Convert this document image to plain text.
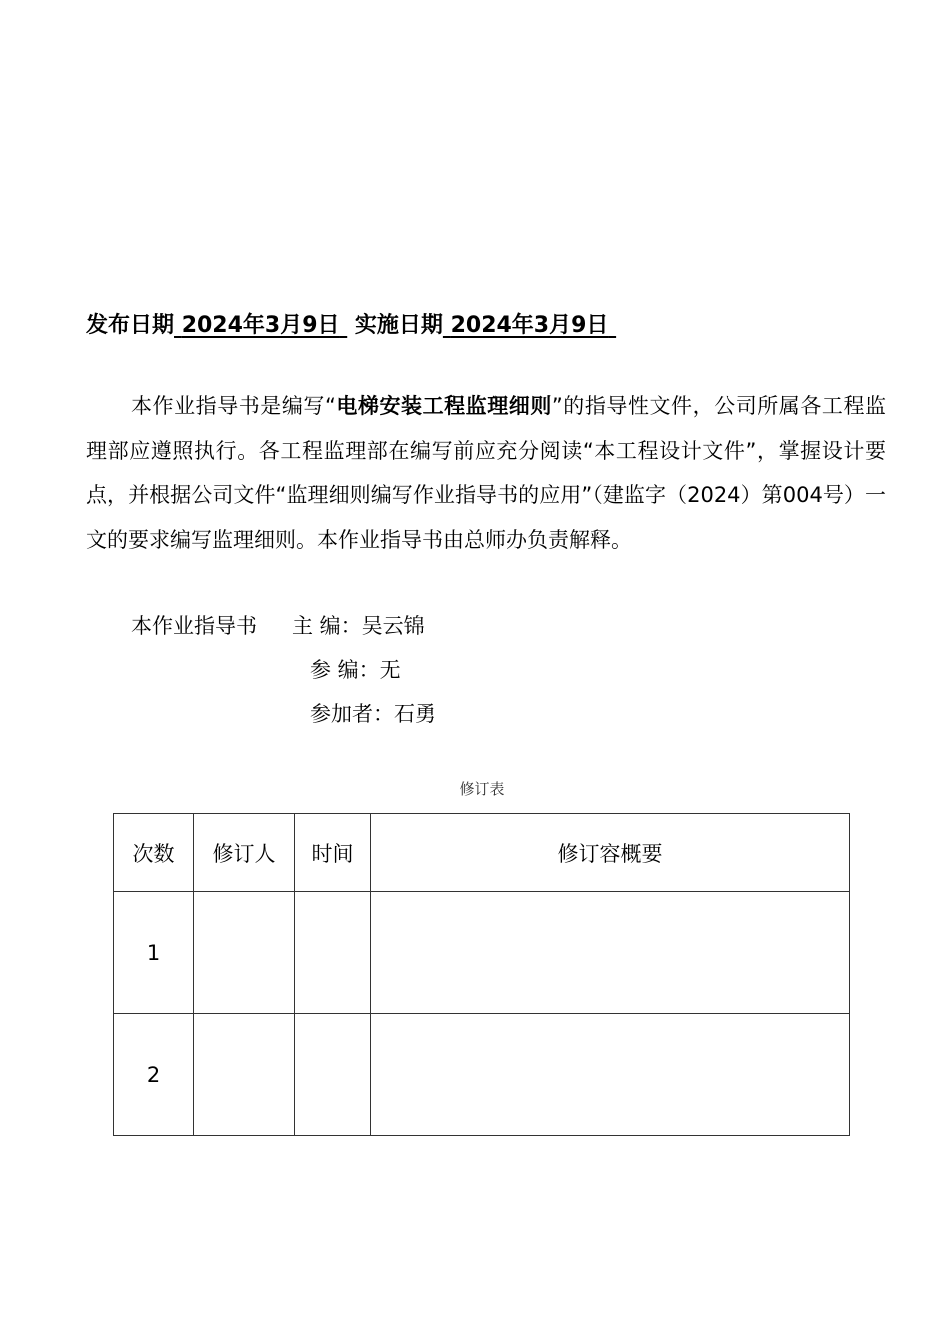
发布日期 2024年3月9日 实施日期 2024年3月9日
本作业指导书是编写“电梯安装工程监理细则”的指导性文件，公司所属各工程监理部应遵照执行。各工程监理部在编写前应充分阅读“本工程设计文件”，掌握设计要点，并根据公司文件“监理细则编写作业指导书的应用”（建监字（2024）第004号）一文的要求编写监理细则。本作业指导书由总师办负责解释。
本作业指导书 主 编：吴云锦
参 编：无
参加者：石勇
修订表
次数	修订人	时间	修订容概要
1			
2			
